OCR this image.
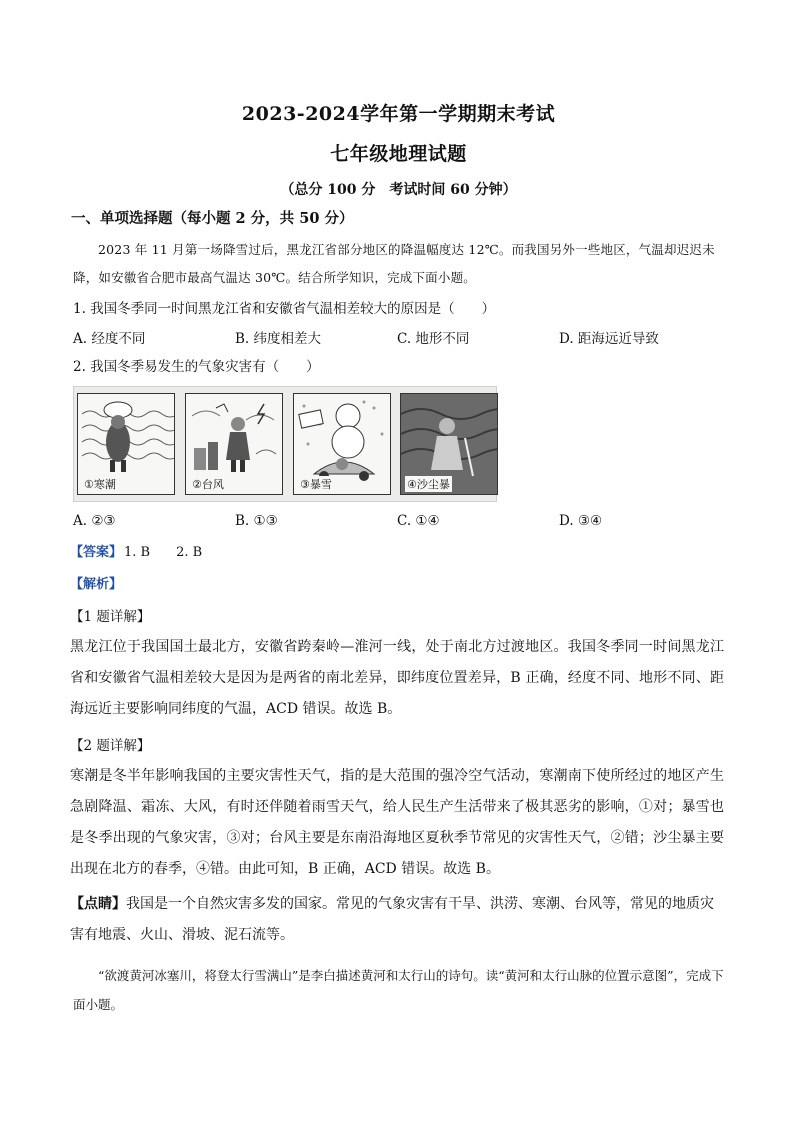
2023-2024学年第一学期期末考试
七年级地理试题
（总分 100 分　考试时间 60 分钟）
一、单项选择题（每小题 2 分，共 50 分）

2023 年 11 月第一场降雪过后，黑龙江省部分地区的降温幅度达 12℃。而我国另外一些地区，气温却迟迟未降，如安徽省合肥市最高气温达 30℃。结合所学知识，完成下面小题。

1. 我国冬季同一时间黑龙江省和安徽省气温相差较大的原因是（　　）
A. 经度不同	B. 纬度相差大	C. 地形不同	D. 距海远近导致
2. 我国冬季易发生的气象灾害有（　　）
①寒潮	②台风	③暴雪	④沙尘暴
A. ②③	B. ①③	C. ①④	D. ③④
【答案】 1. B　　2. B
【解析】
【1 题详解】

黑龙江位于我国国土最北方，安徽省跨秦岭—淮河一线，处于南北方过渡地区。我国冬季同一时间黑龙江省和安徽省气温相差较大是因为是两省的南北差异，即纬度位置差异，B 正确，经度不同、地形不同、距海远近主要影响同纬度的气温，ACD 错误。故选 B。

【2 题详解】

寒潮是冬半年影响我国的主要灾害性天气，指的是大范围的强冷空气活动，寒潮南下使所经过的地区产生急剧降温、霜冻、大风，有时还伴随着雨雪天气，给人民生产生活带来了极其恶劣的影响，①对；暴雪也是冬季出现的气象灾害，③对；台风主要是东南沿海地区夏秋季节常见的灾害性天气，②错；沙尘暴主要出现在北方的春季，④错。由此可知，B 正确，ACD 错误。故选 B。

【点睛】我国是一个自然灾害多发的国家。常见的气象灾害有干旱、洪涝、寒潮、台风等，常见的地质灾害有地震、火山、滑坡、泥石流等。

“欲渡黄河冰塞川，将登太行雪满山”是李白描述黄河和太行山的诗句。读“黄河和太行山脉的位置示意图”，完成下面小题。
